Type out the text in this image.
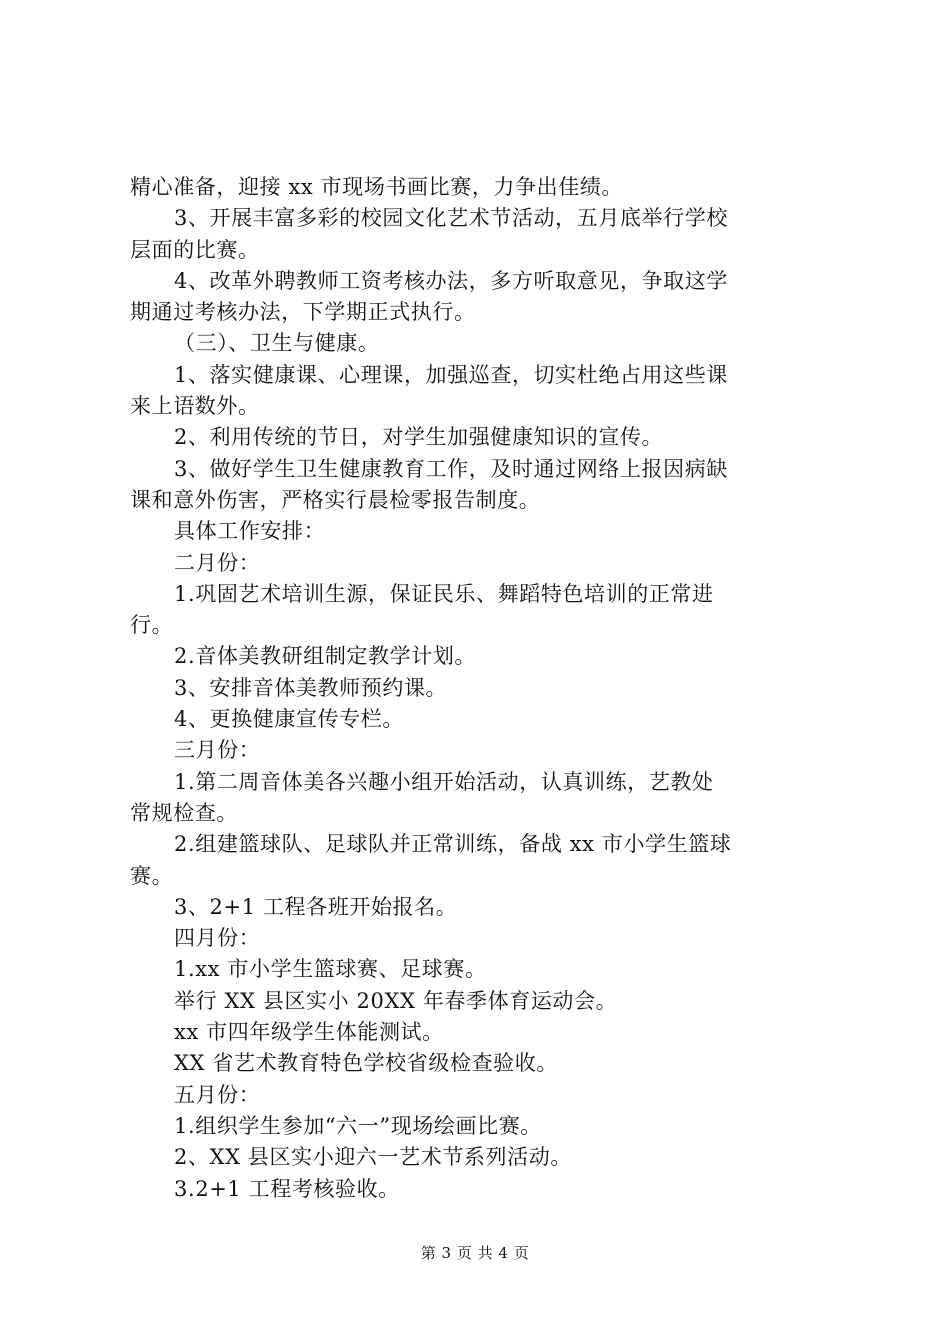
精心准备，迎接 xx 市现场书画比赛，力争出佳绩。
3、开展丰富多彩的校园文化艺术节活动，五月底举行学校
层面的比赛。
4、改革外聘教师工资考核办法，多方听取意见，争取这学
期通过考核办法，下学期正式执行。
（三）、卫生与健康。
1、落实健康课、心理课，加强巡查，切实杜绝占用这些课
来上语数外。
2、利用传统的节日，对学生加强健康知识的宣传。
3、做好学生卫生健康教育工作，及时通过网络上报因病缺
课和意外伤害，严格实行晨检零报告制度。
具体工作安排：
二月份：
1.巩固艺术培训生源，保证民乐、舞蹈特色培训的正常进
行。
2.音体美教研组制定教学计划。
3、安排音体美教师预约课。
4、更换健康宣传专栏。
三月份：
1.第二周音体美各兴趣小组开始活动，认真训练，艺教处
常规检查。
2.组建篮球队、足球队并正常训练，备战 xx 市小学生篮球
赛。
3、2+1 工程各班开始报名。
四月份：
1.xx 市小学生篮球赛、足球赛。
举行 XX 县区实小 20XX 年春季体育运动会。
xx 市四年级学生体能测试。
XX 省艺术教育特色学校省级检查验收。
五月份：
1.组织学生参加“六一”现场绘画比赛。
2、XX 县区实小迎六一艺术节系列活动。
3.2+1 工程考核验收。
第 3 页 共 4 页
